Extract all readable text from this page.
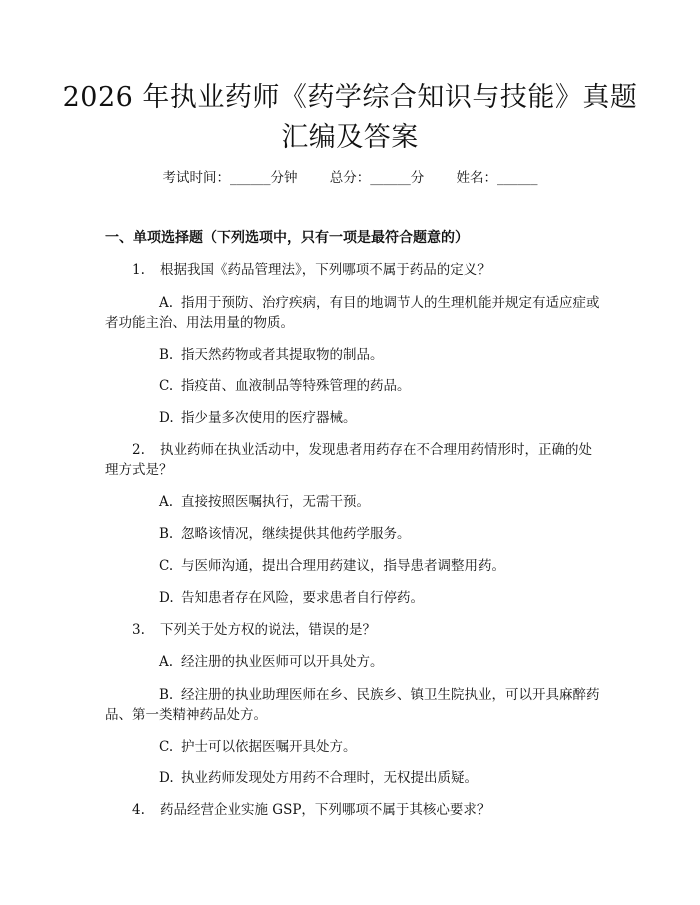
2026 年执业药师《药学综合知识与技能》真题汇编及答案
考试时间：______分钟 总分：______分 姓名：______
一、单项选择题（下列选项中，只有一项是最符合题意的）
1. 根据我国《药品管理法》，下列哪项不属于药品的定义？
A. 指用于预防、治疗疾病，有目的地调节人的生理机能并规定有适应症或者功能主治、用法用量的物质。
B. 指天然药物或者其提取物的制品。
C. 指疫苗、血液制品等特殊管理的药品。
D. 指少量多次使用的医疗器械。
2. 执业药师在执业活动中，发现患者用药存在不合理用药情形时，正确的处理方式是？
A. 直接按照医嘱执行，无需干预。
B. 忽略该情况，继续提供其他药学服务。
C. 与医师沟通，提出合理用药建议，指导患者调整用药。
D. 告知患者存在风险，要求患者自行停药。
3. 下列关于处方权的说法，错误的是？
A. 经注册的执业医师可以开具处方。
B. 经注册的执业助理医师在乡、民族乡、镇卫生院执业，可以开具麻醉药品、第一类精神药品处方。
C. 护士可以依据医嘱开具处方。
D. 执业药师发现处方用药不合理时，无权提出质疑。
4. 药品经营企业实施 GSP，下列哪项不属于其核心要求？
